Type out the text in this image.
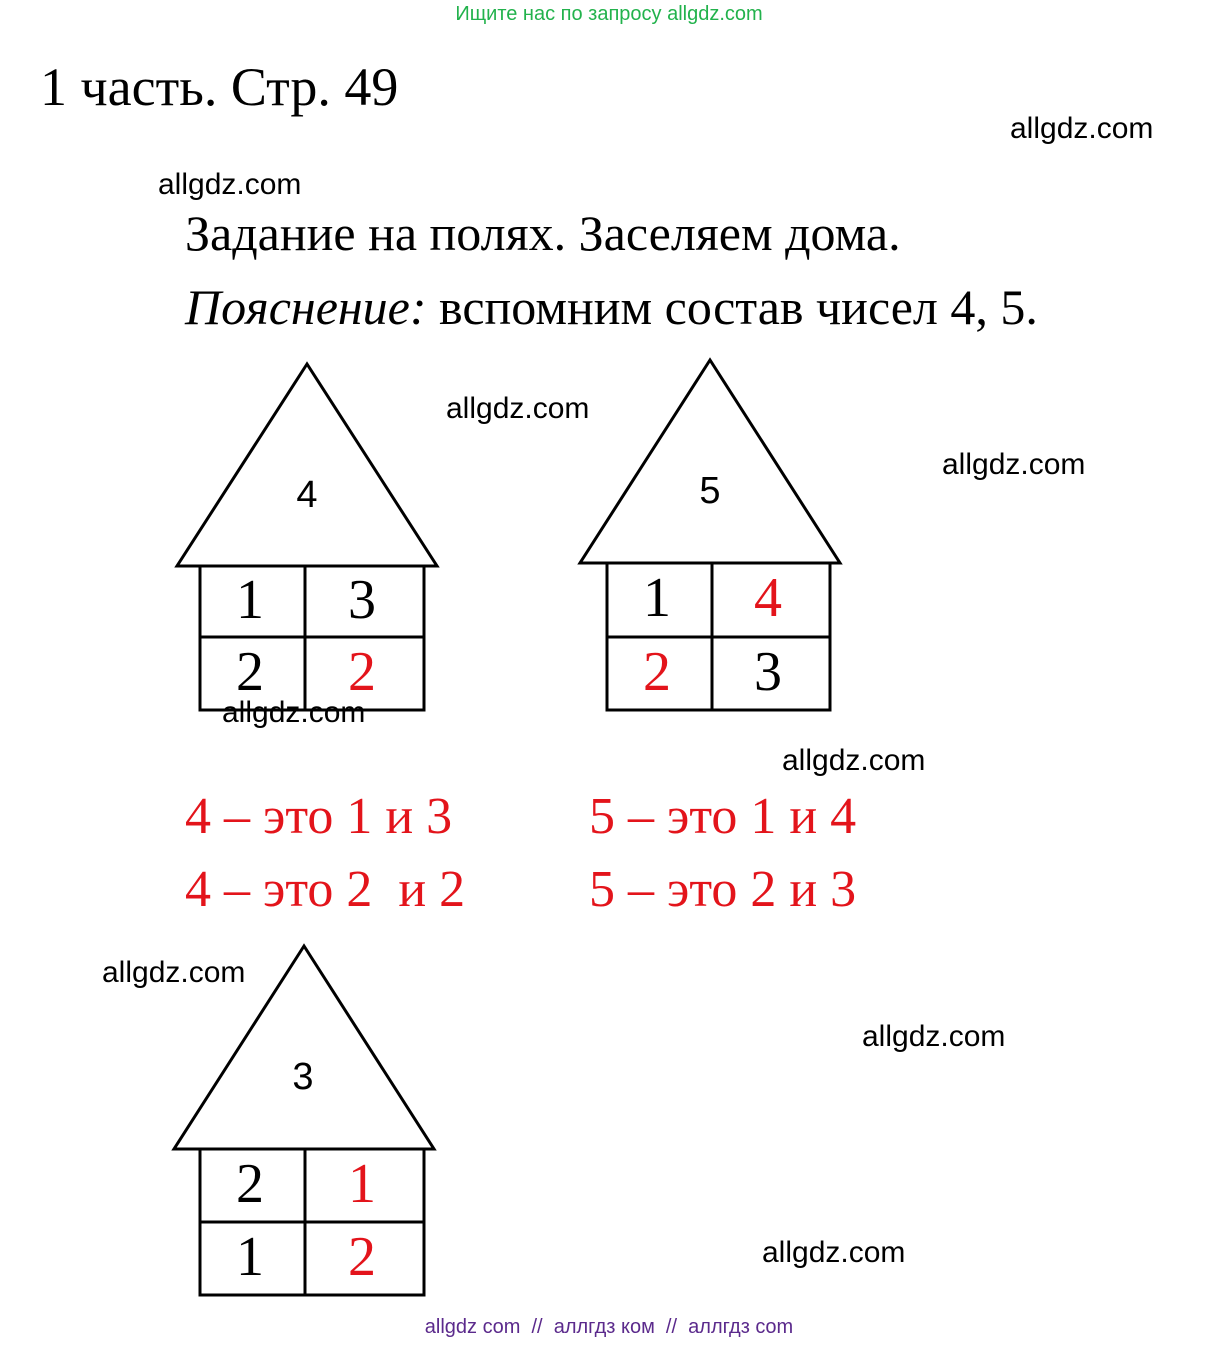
Ищите нас по запросу allgdz.com
1 часть. Стр. 49
allgdz.com
allgdz.com
Задание на полях. Заселяем дома.
Пояснение: вспомним состав чисел 4, 5.
4
1	3
2	2
5
1	4
2	3
allgdz.com
allgdz.com
allgdz.com
allgdz.com
4 – это 1 и 3
4 – это 2  и 2
5 – это 1 и 4
5 – это 2 и 3
allgdz.com
3
2	1
1	2
allgdz.com
allgdz.com
allgdz com  //  аллгдз ком  //  аллгдз com
